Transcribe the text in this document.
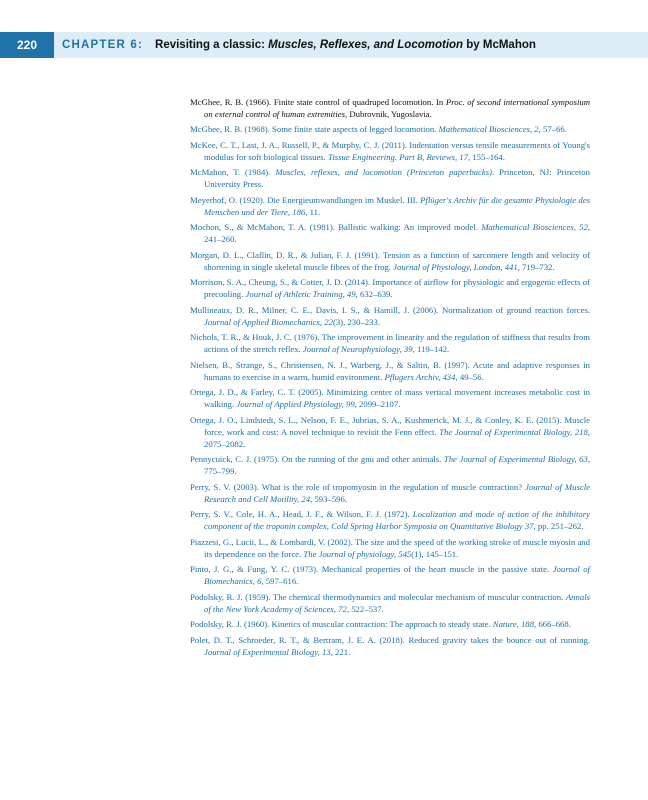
220	CHAPTER 6: Revisiting a classic: Muscles, Reflexes, and Locomotion by McMahon

McGhee, R. B. (1966). Finite state control of quadruped locomotion. In Proc. of second international symposium on external control of human extremities, Dubrovnik, Yugoslavia.

McGhee, R. B. (1968). Some finite state aspects of legged locomotion. Mathematical Biosciences, 2, 57–66.

McKee, C. T., Last, J. A., Russell, P., & Murphy, C. J. (2011). Indentation versus tensile measurements of Young's modulus for soft biological tissues. Tissue Engineering. Part B, Reviews, 17, 155–164.

McMahon, T. (1984). Muscles, reflexes, and locomotion (Princeton paperbacks). Princeton, NJ: Princeton University Press.

Meyerhof, O. (1920). Die Energieumwandlungen im Muskel. III. Pflüger's Archiv für die gesamte Physiologie des Menschen und der Tiere, 186, 11.

Mochon, S., & McMahon, T. A. (1981). Ballistic walking: An improved model. Mathematical Biosciences, 52, 241–260.

Morgan, D. L., Claflin, D. R., & Julian, F. J. (1991). Tension as a function of sarcomere length and velocity of shortening in single skeletal muscle fibres of the frog. Journal of Physiology, London, 441, 719–732.

Morrison, S. A., Cheung, S., & Cotter, J. D. (2014). Importance of airflow for physiologic and ergogenic effects of precooling. Journal of Athletic Training, 49, 632–639.

Mullineaux, D. R., Milner, C. E., Davis, I. S., & Hamill, J. (2006). Normalization of ground reaction forces. Journal of Applied Biomechanics, 22(3), 230–233.

Nichols, T. R., & Houk, J. C. (1976). The improvement in linearity and the regulation of stiffness that results from actions of the stretch reflex. Journal of Neurophysiology, 39, 119–142.

Nielsen, B., Strange, S., Christensen, N. J., Warberg, J., & Saltin, B. (1997). Acute and adaptive responses in humans to exercise in a warm, humid environment. Pflugers Archiv, 434, 49–56.

Ortega, J. D., & Farley, C. T. (2005). Minimizing center of mass vertical movement increases metabolic cost in walking. Journal of Applied Physiology, 99, 2099–2107.

Ortega, J. O., Lindstedt, S. L., Nelson, F. E., Jubrias, S. A., Kushmerick, M. J., & Conley, K. E. (2015). Muscle force, work and cost: A novel technique to revisit the Fenn effect. The Journal of Experimental Biology, 218, 2075–2082.

Pennycuick, C. J. (1975). On the running of the gnu and other animals. The Journal of Experimental Biology, 63, 775–799.

Perry, S. V. (2003). What is the role of tropomyosin in the regulation of muscle contraction? Journal of Muscle Research and Cell Motility, 24, 593–596.

Perry, S. V., Cole, H. A., Head, J. F., & Wilson, F. J. (1972). Localization and mode of action of the inhibitory component of the troponin complex, Cold Spring Harbor Symposia on Quantitative Biology 37, pp. 251–262.

Piazzesi, G., Lucii, L., & Lombardi, V. (2002). The size and the speed of the working stroke of muscle myosin and its dependence on the force. The Journal of physiology, 545(1), 145–151.

Pinto, J. G., & Fung, Y. C. (1973). Mechanical properties of the heart muscle in the passive state. Journal of Biomechanics, 6, 597–616.

Podolsky, R. J. (1959). The chemical thermodynamics and molecular mechanism of muscular contraction. Annals of the New York Academy of Sciences, 72, 522–537.

Podolsky, R. J. (1960). Kinetics of muscular contraction: The approach to steady state. Nature, 188, 666–668.

Polet, D. T., Schroeder, R. T., & Bertram, J. E. A. (2018). Reduced gravity takes the bounce out of running. Journal of Experimental Biology, 13, 221.
